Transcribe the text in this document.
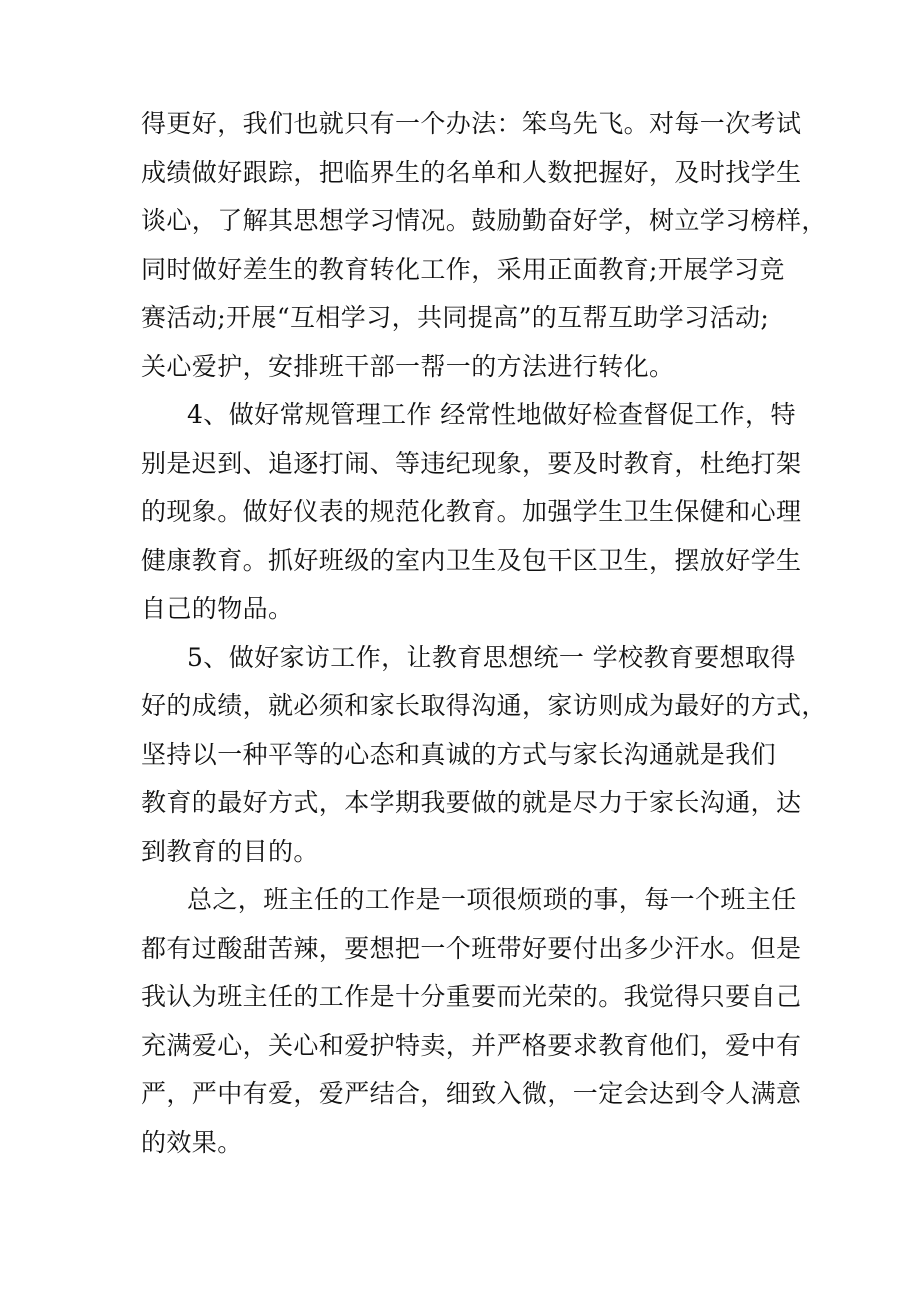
得更好，我们也就只有一个办法：笨鸟先飞。对每一次考试
成绩做好跟踪，把临界生的名单和人数把握好，及时找学生
谈心，了解其思想学习情况。鼓励勤奋好学，树立学习榜样，
同时做好差生的教育转化工作，采用正面教育;开展学习竞
赛活动;开展“互相学习，共同提高”的互帮互助学习活动;
关心爱护，安排班干部一帮一的方法进行转化。
4、做好常规管理工作 经常性地做好检查督促工作，特
别是迟到、追逐打闹、等违纪现象，要及时教育，杜绝打架
的现象。做好仪表的规范化教育。加强学生卫生保健和心理
健康教育。抓好班级的室内卫生及包干区卫生，摆放好学生
自己的物品。
5、做好家访工作，让教育思想统一 学校教育要想取得
好的成绩，就必须和家长取得沟通，家访则成为最好的方式，
坚持以一种平等的心态和真诚的方式与家长沟通就是我们
教育的最好方式，本学期我要做的就是尽力于家长沟通，达
到教育的目的。
总之，班主任的工作是一项很烦琐的事，每一个班主任
都有过酸甜苦辣，要想把一个班带好要付出多少汗水。但是
我认为班主任的工作是十分重要而光荣的。我觉得只要自己
充满爱心，关心和爱护特卖，并严格要求教育他们，爱中有
严，严中有爱，爱严结合，细致入微，一定会达到令人满意
的效果。
